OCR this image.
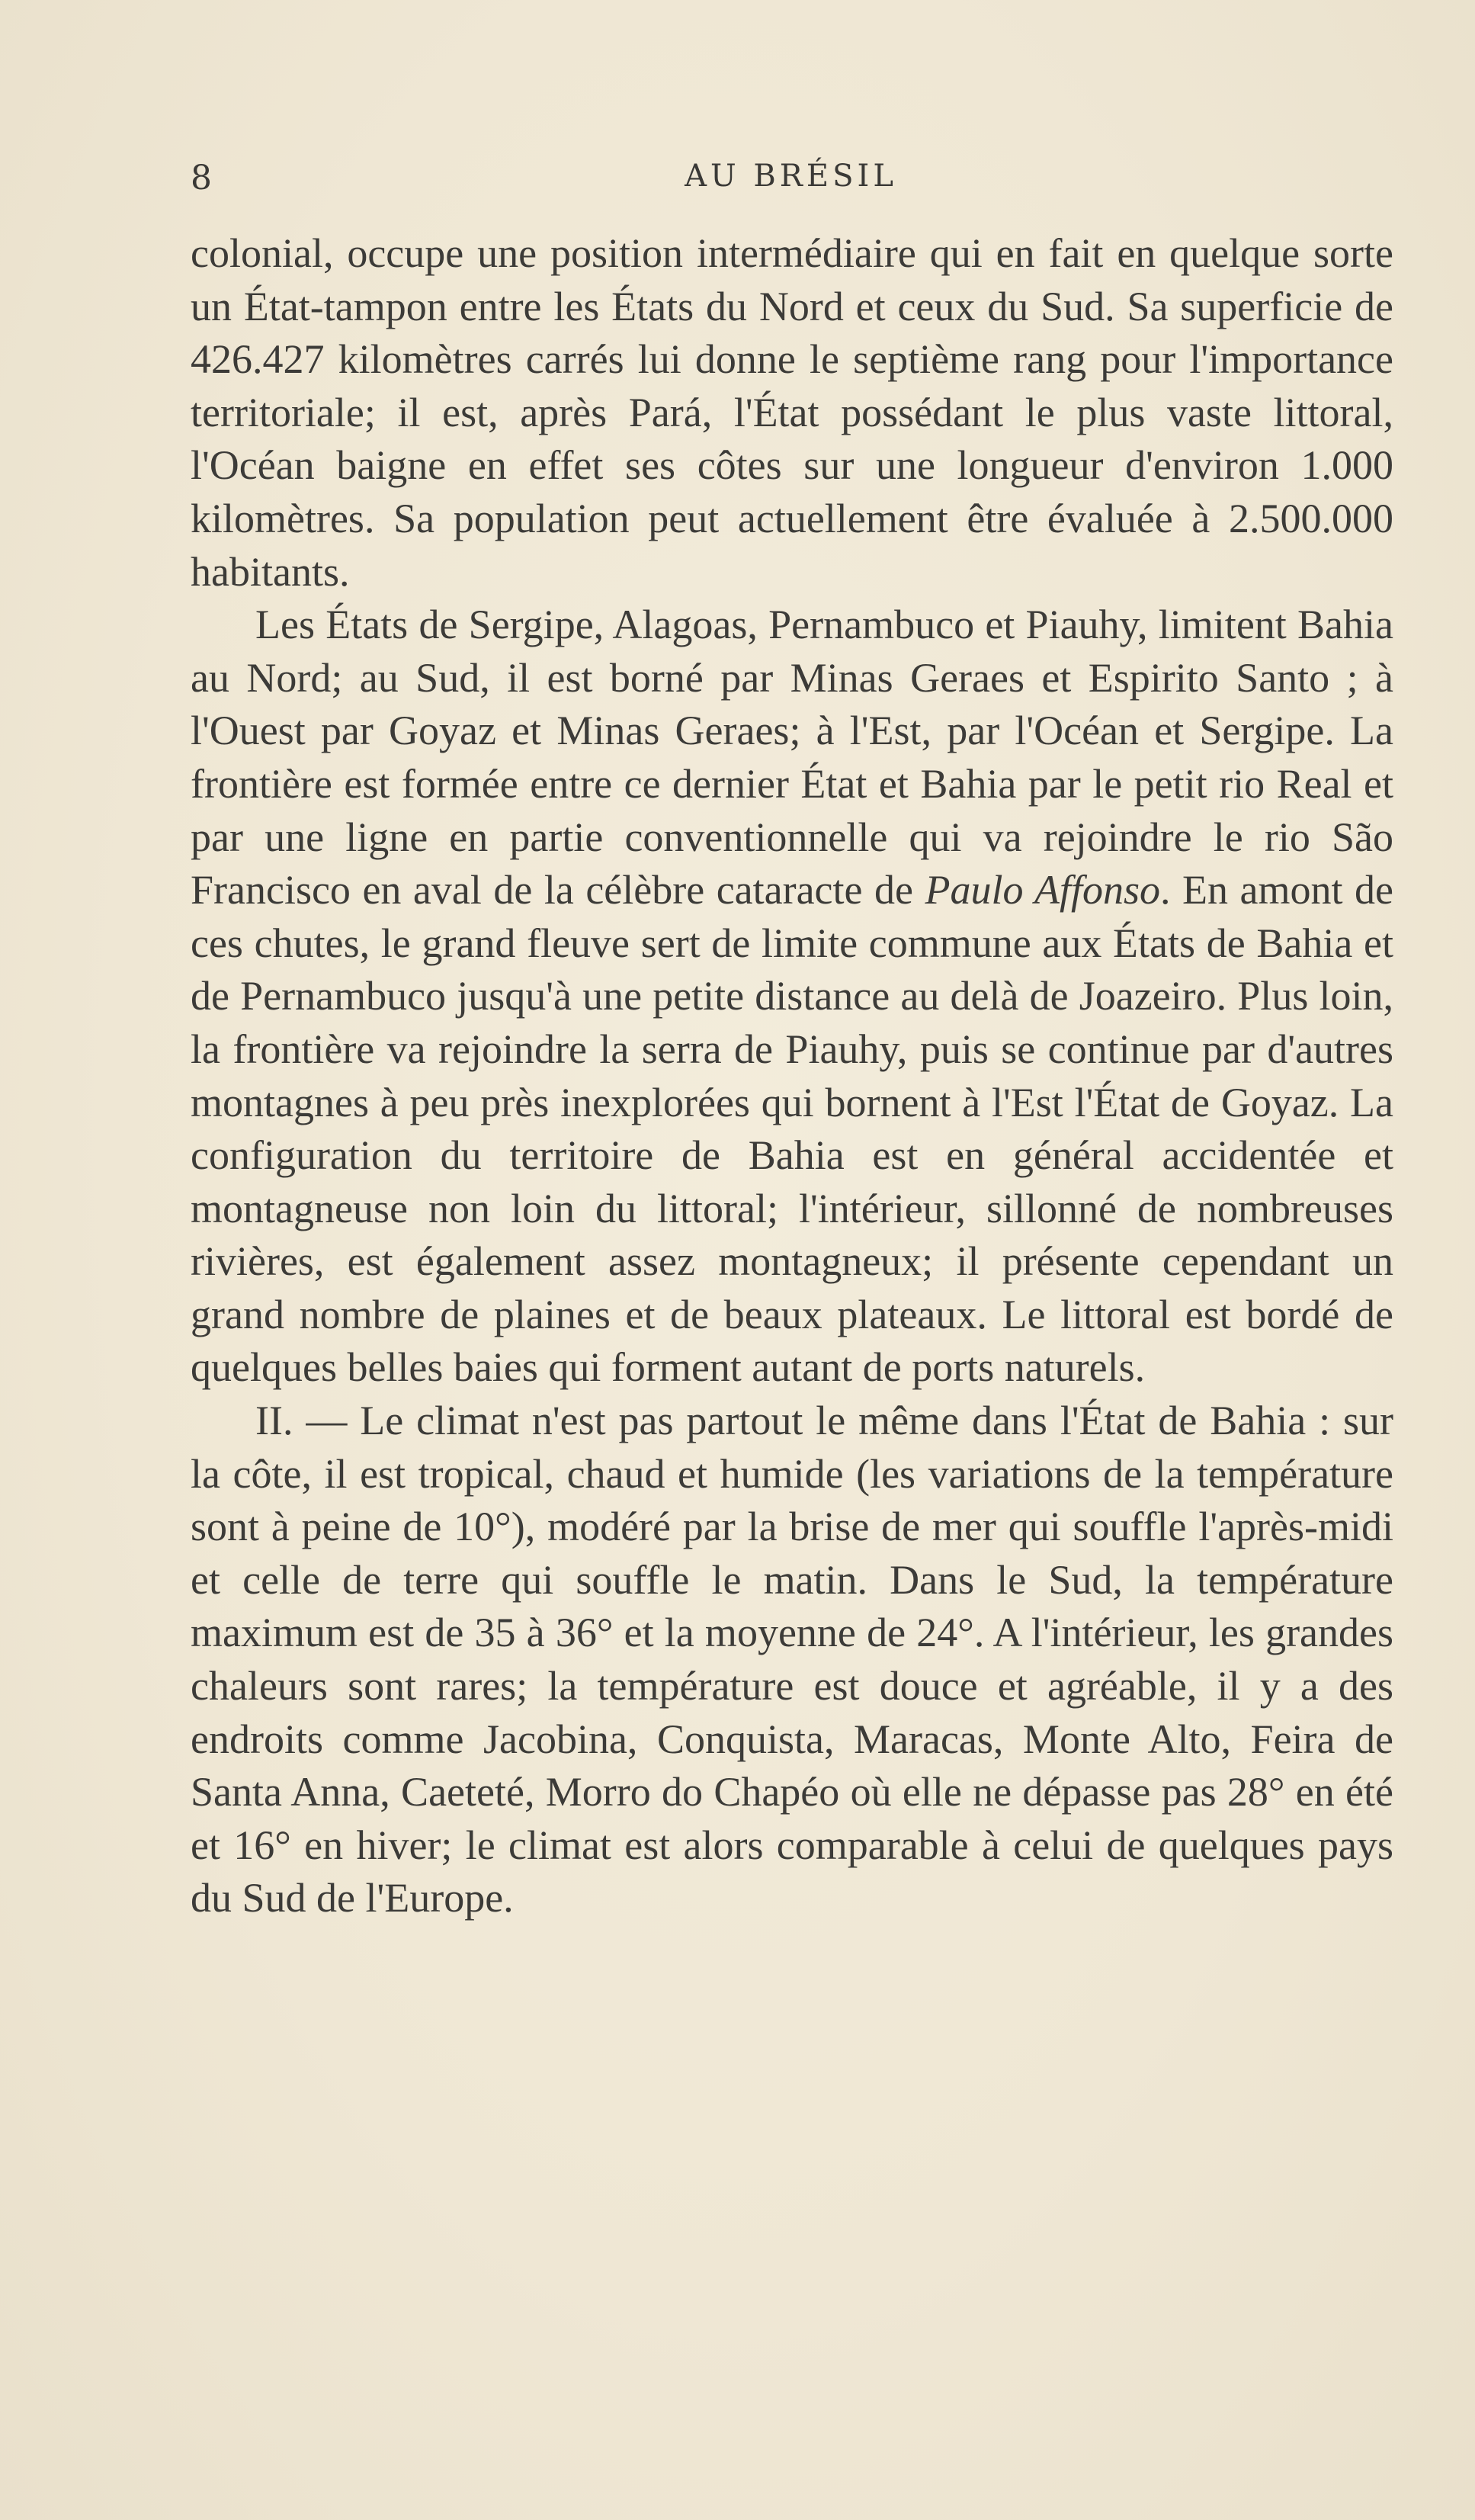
8	AU BRÉSIL

colonial, occupe une position intermédiaire qui en fait en quelque sorte un État-tampon entre les États du Nord et ceux du Sud. Sa superficie de 426.427 kilomètres carrés lui donne le septième rang pour l'importance territoriale; il est, après Pará, l'État possédant le plus vaste littoral, l'Océan baigne en effet ses côtes sur une longueur d'environ 1.000 kilomètres. Sa population peut actuellement être évaluée à 2.500.000 habitants.

Les États de Sergipe, Alagoas, Pernambuco et Piauhy, limitent Bahia au Nord; au Sud, il est borné par Minas Geraes et Espirito Santo ; à l'Ouest par Goyaz et Minas Geraes; à l'Est, par l'Océan et Sergipe. La frontière est formée entre ce dernier État et Bahia par le petit rio Real et par une ligne en partie conventionnelle qui va rejoindre le rio São Francisco en aval de la célèbre cataracte de Paulo Affonso. En amont de ces chutes, le grand fleuve sert de limite commune aux États de Bahia et de Pernambuco jusqu'à une petite distance au delà de Joazeiro. Plus loin, la frontière va rejoindre la serra de Piauhy, puis se continue par d'autres montagnes à peu près inexplorées qui bornent à l'Est l'État de Goyaz. La configuration du territoire de Bahia est en général accidentée et montagneuse non loin du littoral; l'intérieur, sillonné de nombreuses rivières, est également assez montagneux; il présente cependant un grand nombre de plaines et de beaux plateaux. Le littoral est bordé de quelques belles baies qui forment autant de ports naturels.

II. — Le climat n'est pas partout le même dans l'État de Bahia : sur la côte, il est tropical, chaud et humide (les variations de la température sont à peine de 10°), modéré par la brise de mer qui souffle l'après-midi et celle de terre qui souffle le matin. Dans le Sud, la température maximum est de 35 à 36° et la moyenne de 24°. A l'intérieur, les grandes chaleurs sont rares; la température est douce et agréable, il y a des endroits comme Jacobina, Conquista, Maracas, Monte Alto, Feira de Santa Anna, Caeteté, Morro do Chapéo où elle ne dépasse pas 28° en été et 16° en hiver; le climat est alors comparable à celui de quelques pays du Sud de l'Europe.
